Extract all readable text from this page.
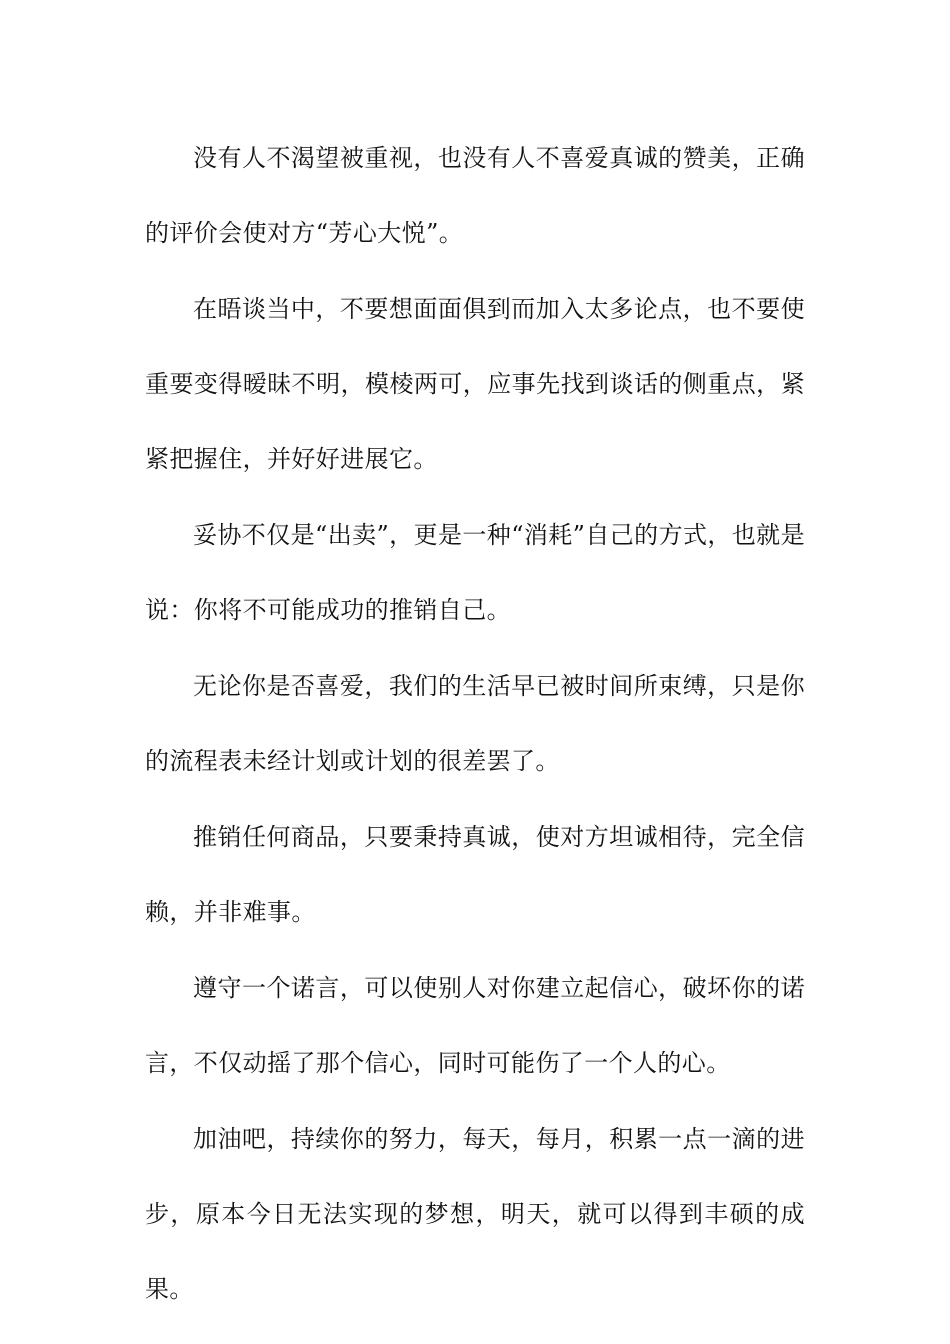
没有人不渴望被重视，也没有人不喜爱真诚的赞美，正确的评价会使对方“芳心大悦”。

在晤谈当中，不要想面面俱到而加入太多论点，也不要使重要变得暧昧不明，模棱两可，应事先找到谈话的侧重点，紧紧把握住，并好好进展它。

妥协不仅是“出卖”，更是一种“消耗”自己的方式，也就是说：你将不可能成功的推销自己。

无论你是否喜爱，我们的生活早已被时间所束缚，只是你的流程表未经计划或计划的很差罢了。

推销任何商品，只要秉持真诚，使对方坦诚相待，完全信赖，并非难事。

遵守一个诺言，可以使别人对你建立起信心，破坏你的诺言，不仅动摇了那个信心，同时可能伤了一个人的心。

加油吧，持续你的努力，每天，每月，积累一点一滴的进步，原本今日无法实现的梦想，明天，就可以得到丰硕的成果。
